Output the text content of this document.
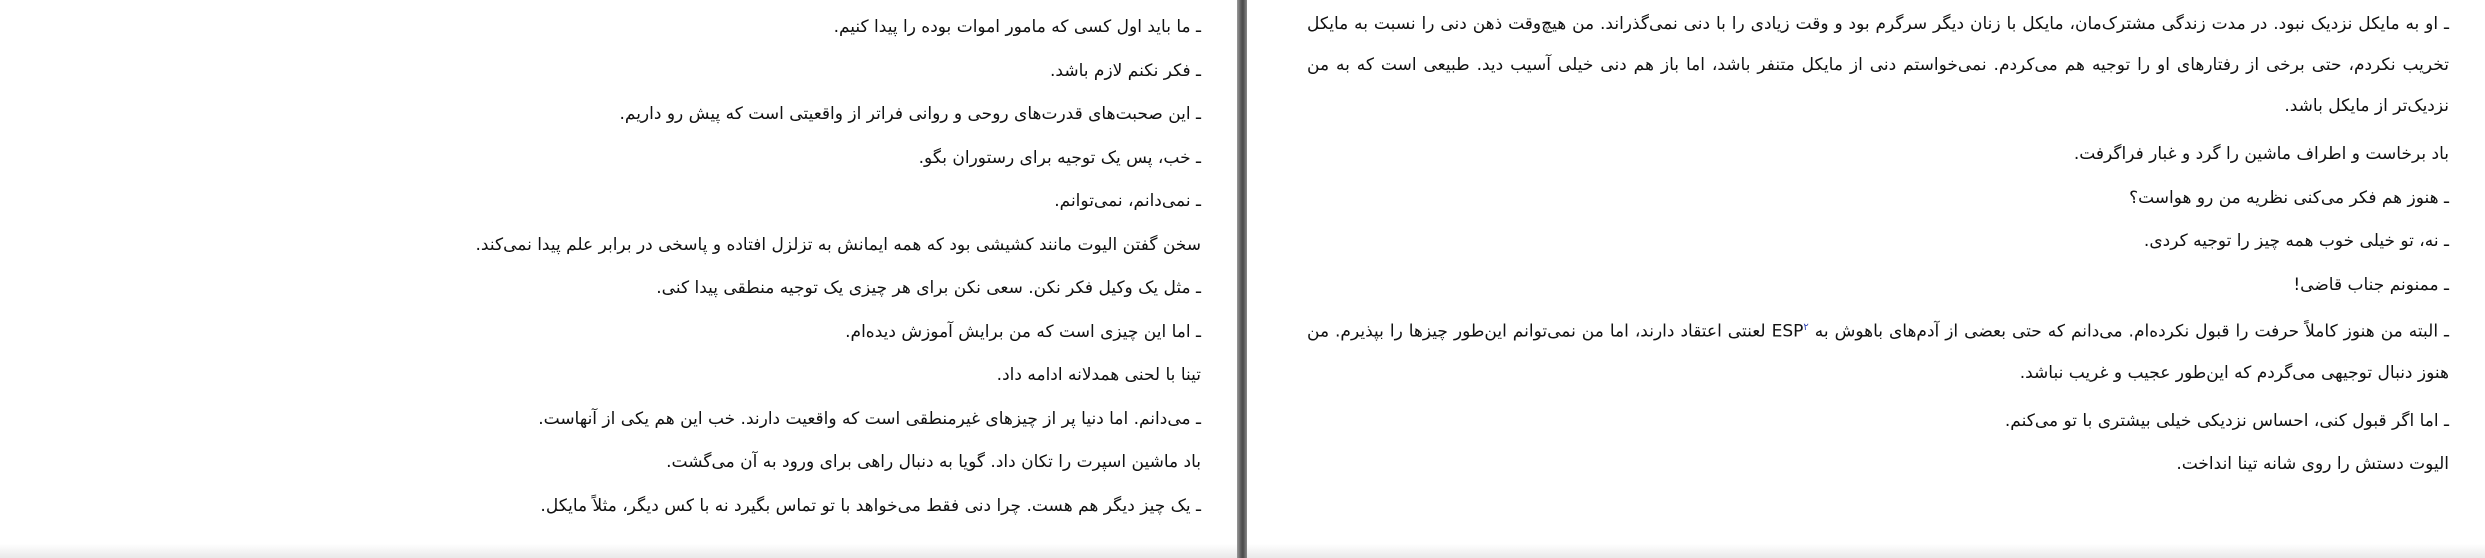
ـ ما باید اول کسی که مامور اموات بوده را پیدا کنیم.

ـ فکر نکنم لازم باشد.

ـ این صحبت‌های قدرت‌های روحی و روانی فراتر از واقعیتی است که پیش رو داریم.

ـ خب، پس یک توجیه برای رستوران بگو.

ـ نمی‌دانم، نمی‌توانم.

سخن گفتن الیوت مانند کشیشی بود که همه ایمانش به تزلزل افتاده و پاسخی در برابر علم پیدا نمی‌کند.

ـ مثل یک وکیل فکر نکن. سعی نکن برای هر چیزی یک توجیه منطقی پیدا کنی.

ـ اما این چیزی است که من برایش آموزش دیده‌ام.

تینا با لحنی همدلانه ادامه داد.

ـ می‌دانم. اما دنیا پر از چیزهای غیرمنطقی است که واقعیت دارند. خب این هم یکی از آنهاست.

باد ماشین اسپرت را تکان داد. گویا به دنبال راهی برای ورود به آن می‌گشت.

ـ یک چیز دیگر هم هست. چرا دنی فقط می‌خواهد با تو تماس بگیرد نه با کس دیگر، مثلاً مایکل.

ـ او به مایکل نزدیک نبود. در مدت زندگی مشترک‌مان، مایکل با زنان دیگر سرگرم بود و وقت زیادی را با دنی نمی‌گذراند. من هیچ‌وقت ذهن دنی را نسبت به مایکل تخریب نکردم، حتی برخی از رفتارهای او را توجیه هم می‌کردم. نمی‌خواستم دنی از مایکل متنفر باشد، اما باز هم دنی خیلی آسیب دید. طبیعی است که به من نزدیک‌تر از مایکل باشد.

باد برخاست و اطراف ماشین را گرد و غبار فراگرفت.

ـ هنوز هم فکر می‌کنی نظریه من رو هواست؟

ـ نه، تو خیلی خوب همه چیز را توجیه کردی.

ـ ممنونم جناب قاضی!

ـ البته من هنوز کاملاً حرفت را قبول نکرده‌ام. می‌دانم که حتی بعضی از آدم‌های باهوش به ESP$^۲$ لعنتی اعتقاد دارند، اما من نمی‌توانم این‌طور چیزها را بپذیرم. من هنوز دنبال توجیهی می‌گردم که این‌طور عجیب و غریب نباشد.

ـ اما اگر قبول کنی، احساس نزدیکی خیلی بیشتری با تو می‌کنم.

الیوت دستش را روی شانه تینا انداخت.
